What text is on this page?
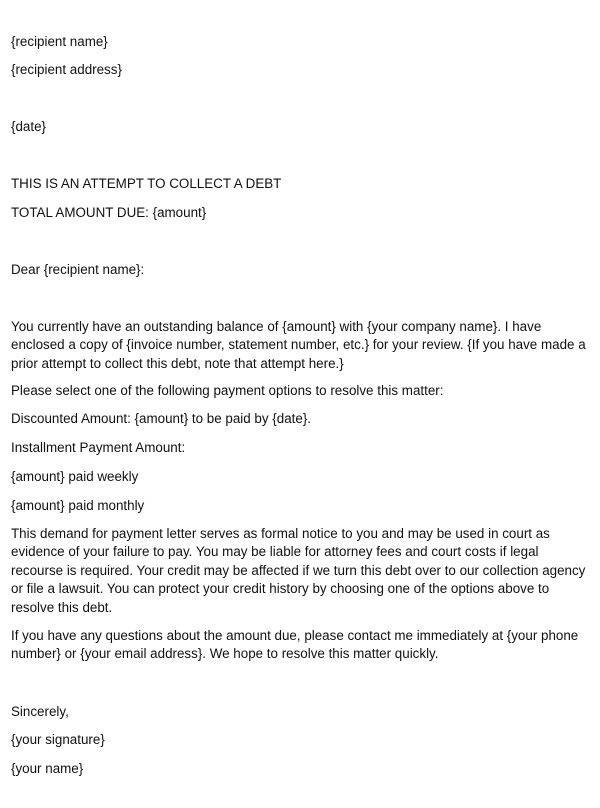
{recipient name}
{recipient address}
{date}
THIS IS AN ATTEMPT TO COLLECT A DEBT
TOTAL AMOUNT DUE: {amount}
Dear {recipient name}:
You currently have an outstanding balance of {amount} with {your company name}. I have enclosed a copy of {invoice number, statement number, etc.} for your review. {If you have made a prior attempt to collect this debt, note that attempt here.}
Please select one of the following payment options to resolve this matter:
Discounted Amount: {amount} to be paid by {date}.
Installment Payment Amount:
{amount} paid weekly
{amount} paid monthly
This demand for payment letter serves as formal notice to you and may be used in court as evidence of your failure to pay. You may be liable for attorney fees and court costs if legal recourse is required. Your credit may be affected if we turn this debt over to our collection agency or file a lawsuit. You can protect your credit history by choosing one of the options above to resolve this debt.
If you have any questions about the amount due, please contact me immediately at {your phone number} or {your email address}. We hope to resolve this matter quickly.
Sincerely,
{your signature}
{your name}
